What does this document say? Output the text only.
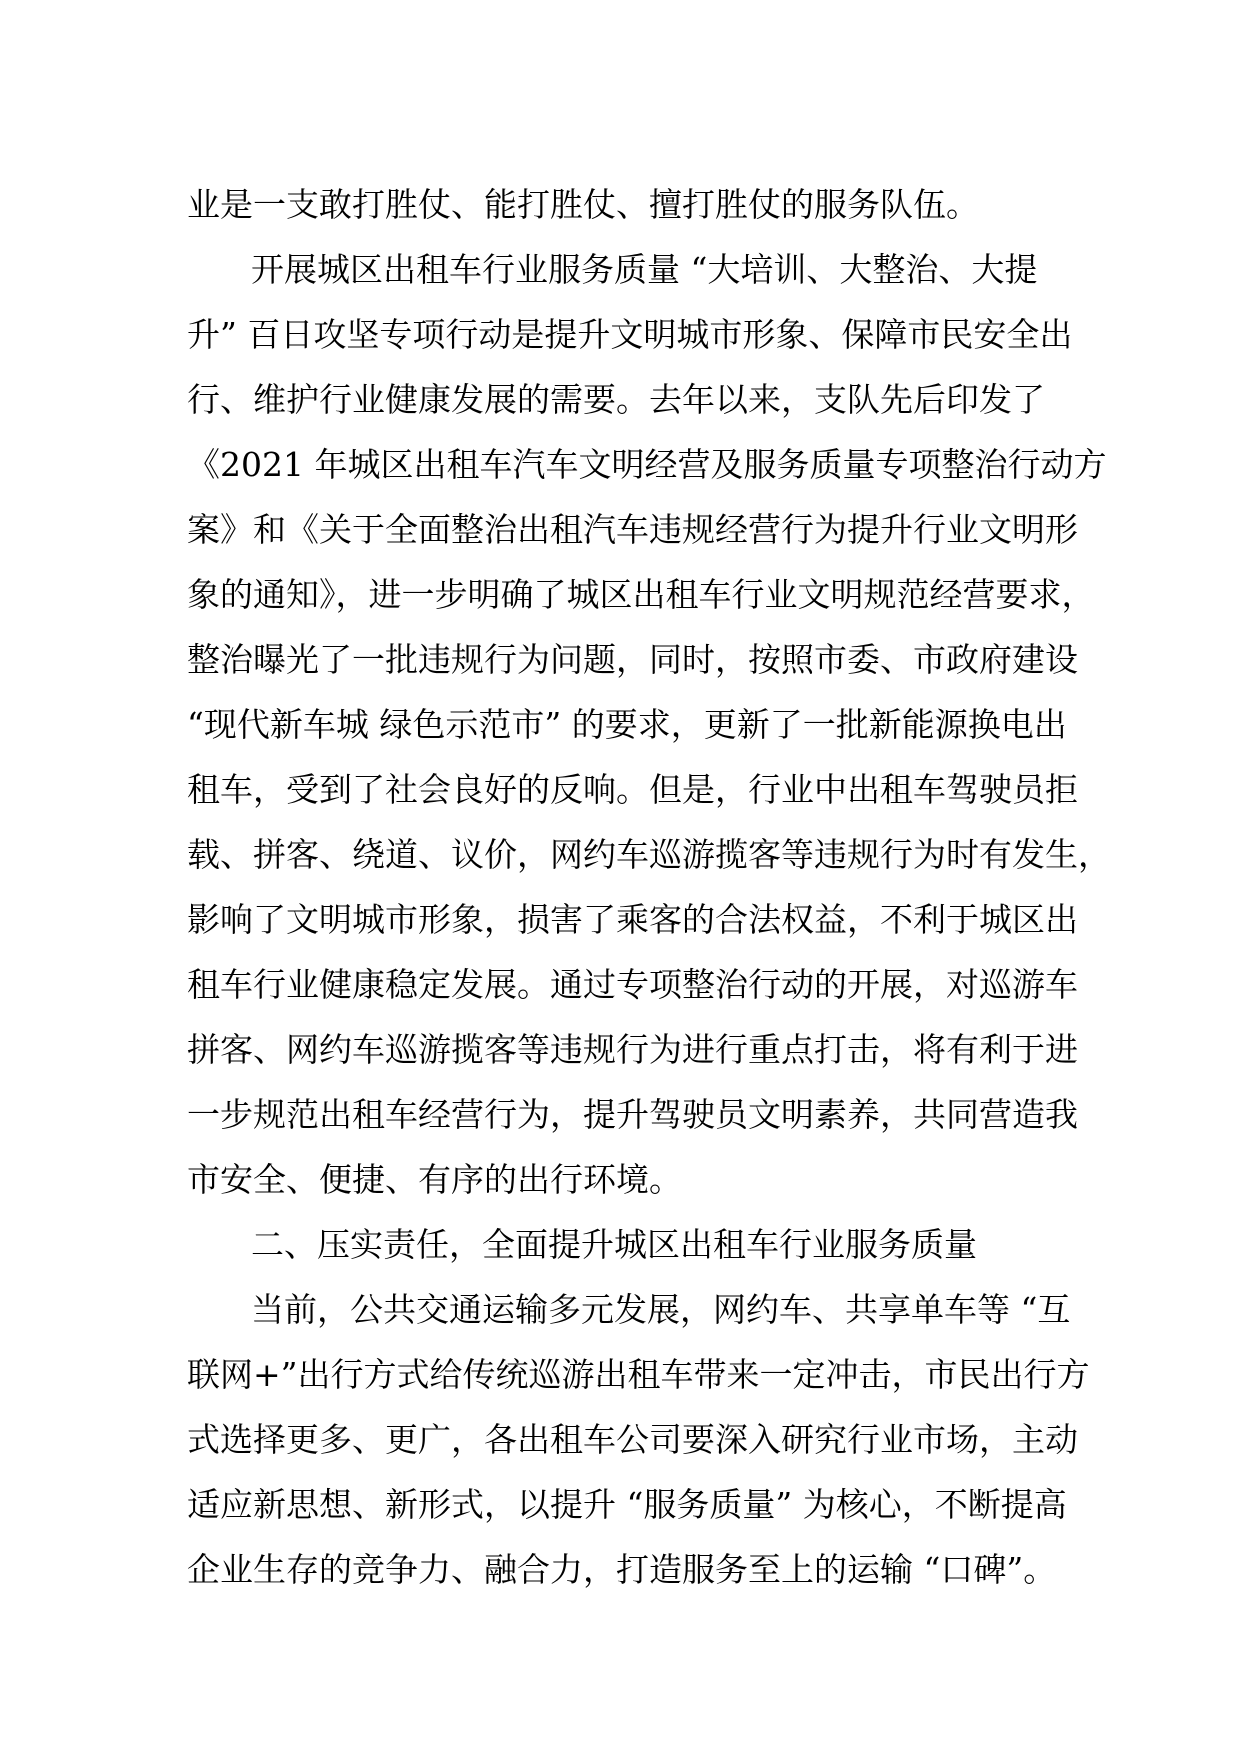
业是一支敢打胜仗、能打胜仗、擅打胜仗的服务队伍。
开展城区出租车行业服务质量 “大培训、大整治、大提
升” 百日攻坚专项行动是提升文明城市形象、保障市民安全出
行、维护行业健康发展的需要。去年以来，支队先后印发了
《2021 年城区出租车汽车文明经营及服务质量专项整治行动方
案》和《关于全面整治出租汽车违规经营行为提升行业文明形
象的通知》，进一步明确了城区出租车行业文明规范经营要求，
整治曝光了一批违规行为问题，同时，按照市委、市政府建设
“现代新车城 绿色示范市” 的要求，更新了一批新能源换电出
租车，受到了社会良好的反响。但是，行业中出租车驾驶员拒
载、拼客、绕道、议价，网约车巡游揽客等违规行为时有发生，
影响了文明城市形象，损害了乘客的合法权益，不利于城区出
租车行业健康稳定发展。通过专项整治行动的开展，对巡游车
拼客、网约车巡游揽客等违规行为进行重点打击，将有利于进
一步规范出租车经营行为，提升驾驶员文明素养，共同营造我
市安全、便捷、有序的出行环境。
二、压实责任，全面提升城区出租车行业服务质量
当前，公共交通运输多元发展，网约车、共享单车等 “互
联网+”出行方式给传统巡游出租车带来一定冲击，市民出行方
式选择更多、更广，各出租车公司要深入研究行业市场，主动
适应新思想、新形式，以提升 “服务质量” 为核心，不断提高
企业生存的竞争力、融合力，打造服务至上的运输 “口碑”。
